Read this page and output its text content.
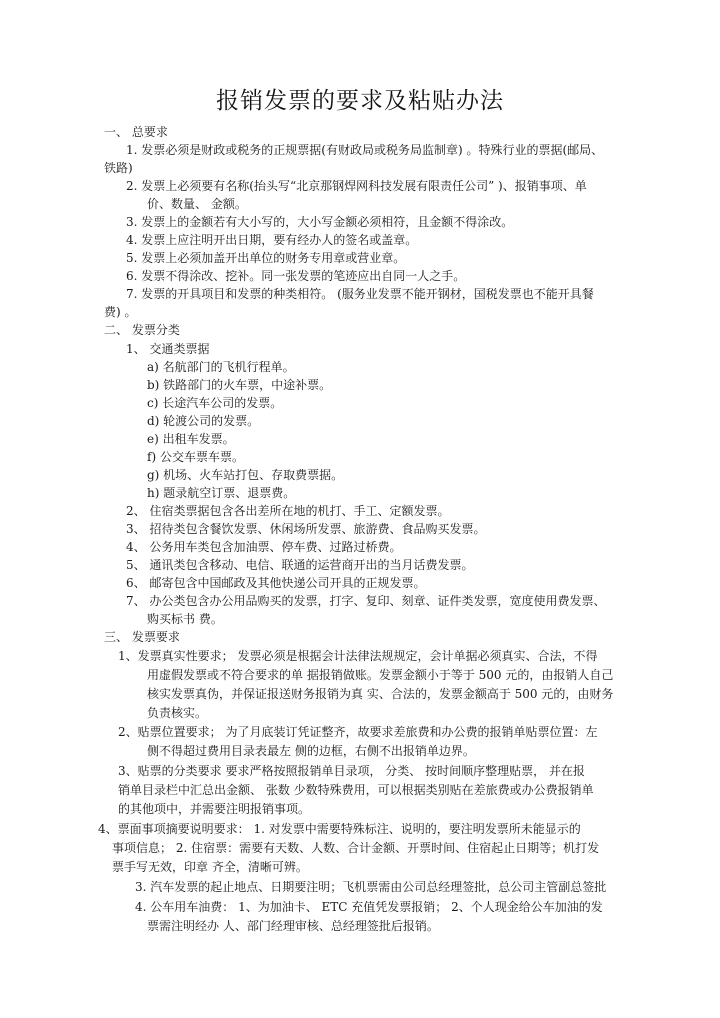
报销发票的要求及粘贴办法
一、 总要求
1. 发票必须是财政或税务的正规票据(有财政局或税务局监制章) 。特殊行业的票据(邮局、
铁路)
2. 发票上必须要有名称(抬头写“北京那钢焊网科技发展有限责任公司” )、报销事项、单
价、数量、 金额。
3. 发票上的金额若有大小写的，大小写金额必须相符，且金额不得涂改。
4. 发票上应注明开出日期，要有经办人的签名或盖章。
5. 发票上必须加盖开出单位的财务专用章或营业章。
6. 发票不得涂改、挖补。同一张发票的笔迹应出自同一人之手。
7. 发票的开具项目和发票的种类相符。 (服务业发票不能开钢材，国税发票也不能开具餐
费) 。
二、 发票分类
1、 交通类票据
a) 名航部门的飞机行程单。
b) 铁路部门的火车票，中途补票。
c) 长途汽车公司的发票。
d) 轮渡公司的发票。
e) 出租车发票。
f) 公交车票车票。
g) 机场、火车站打包、存取费票据。
h) 题录航空订票、退票费。
2、 住宿类票据包含各出差所在地的机打、手工、定额发票。
3、 招待类包含餐饮发票、休闲场所发票、旅游费、食品购买发票。
4、 公务用车类包含加油票、停车费、过路过桥费。
5、 通讯类包含移动、电信、联通的运营商开出的当月话费发票。
6、 邮寄包含中国邮政及其他快递公司开具的正规发票。
7、 办公类包含办公用品购买的发票，打字、复印、刻章、证件类发票，宽度使用费发票、
购买标书 费。
三、 发票要求
1、发票真实性要求； 发票必须是根据会计法律法规规定，会计单据必须真实、合法，不得
用虚假发票或不符合要求的单 据报销做账。发票金额小于等于 500 元的，由报销人自己
核实发票真伪，并保证报送财务报销为真 实、合法的，发票金额高于 500 元的，由财务
负责核实。
2、贴票位置要求； 为了月底装订凭证整齐，故要求差旅费和办公费的报销单贴票位置：左
侧不得超过费用目录表最左 侧的边框，右侧不出报销单边界。
3、贴票的分类要求 要求严格按照报销单目录项， 分类、 按时间顺序整理贴票， 并在报
销单目录栏中汇总出金额、 张数 少数特殊费用，可以根据类别贴在差旅费或办公费报销单
的其他项中，并需要注明报销事项。
4、票面事项摘要说明要求： 1. 对发票中需要特殊标注、说明的，要注明发票所未能显示的
事项信息； 2. 住宿票：需要有天数、人数、合计金额、开票时间、住宿起止日期等；机打发
票手写无效，印章 齐全，清晰可辨。
3. 汽车发票的起止地点、日期要注明；飞机票需由公司总经理签批，总公司主管副总签批
4. 公车用车油费： 1、为加油卡、 ETC 充值凭发票报销； 2、个人现金给公车加油的发
票需注明经办 人、部门经理审核、总经理签批后报销。
